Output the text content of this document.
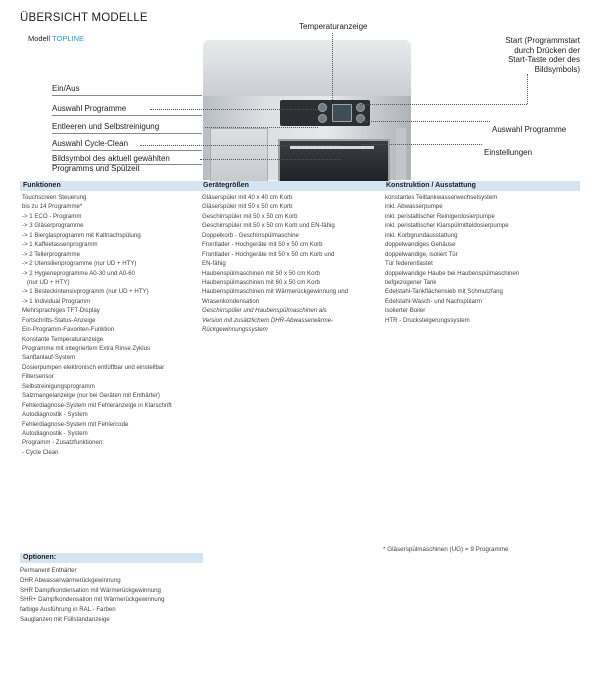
ÜBERSICHT MODELLE
Modell TOPLINE
Temperaturanzeige
Start (Programmstart
durch Drücken der
Start-Taste oder des
Bildsymbols)
Ein/Aus
Auswahl Programme
Entleeren und Selbstreinigung
Auswahl Cycle-Clean
Bildsymbol des aktuell gewählten
Programms und Spülzeit
Auswahl Programme
Einstellungen
Funktionen	Gerätegrößen	Konstruktion / Ausstattung
Touchscreen Steuerung
bis zu 14 Programme*
-> 1 ECO - Programm
-> 3 Gläserprogramme
-> 1 Bierglasprogramm mit Kaltnachspülung
-> 1 Kaffeetassenprogramm
-> 2 Tellerprogramme
-> 2 Utensilienprogramme (nur UD + HTY)
-> 2 Hygieneprogramme A0-30 und A0-60
(nur UD + HTY)
-> 1 Besteckintensivprogramm (nur UD + HTY)
-> 1 Individual Programm
Mehrsprachiges TFT-Display
Fortschritts-Status-Anzeige
Ein-Programm-Favoriten-Funktion
Konstante Temperaturanzeige
Programme mit integriertem Extra Rinse Zyklus
Sanftanlauf-System
Dosierpumpen elektronisch entlüftbar und einstellbar
Filtersensor
Selbstreinigungsprogramm
Salzmangelanzeige (nur bei Geräten mit Enthärter)
Fehlerdiagnose-System mit Fehleranzeige in Klarschrift
Autodiagnostik - System
Fehlerdiagnose-System mit Fehlercode
Autodiagnostik - System
Programm - Zusatzfunktionen:
- Cycle Clean
Gläserspüler mit 40 x 40 cm Korb
Gläserspüler mit 50 x 50 cm Korb
Geschirrspüler mit 50 x 50 cm Korb
Geschirrspüler mit 50 x 50 cm Korb und EN-fähig
Doppelkorb - Geschirrspülmaschine
Frontlader - Hochgeräte mit 50 x 50 cm Korb
Frontlader - Hochgeräte mit 50 x 50 cm Korb und
EN-fähig
Haubenspülmaschinen mit 50 x 50 cm Korb
Haubenspülmaschinen mit 60 x 50 cm Korb
Haubenspülmaschinen mit Wärmerückgewinnung und
Wrasenkondensation
Geschirrspüler und Haubenspülmaschinen als
Version mit zusätzlichem DHR-Abwasserwärme-
Rückgewinnungssystem
konstantes Teiltankwasserwechselsystem
inkl. Abwasserpumpe
inkl. peristaltischer Reinigerdosierpumpe
inkl. peristaltischer Klarspülmitteldosierpumpe
inkl. Korbgrundausstattung
doppelwandiges Gehäuse
doppelwandige, isoliert Tür
Tür federentlastet
doppelwandige Haube bei Haubenspülmaschinen
tiefgezogener Tank
Edelstahl-Tankflächensieb mit Schmutzfang
Edelstahl-Wasch- und Nachspülarm
isolierter Boiler
HTR - Drucksteigerungssystem
* Gläserspülmaschinen (UG) = 9 Programme
Optionen:
Permanent Enthärter
DHR Abwasserwärmerückgewinnung
SHR Dampfkondensation mit Wärmerückgewinnung
SHR+ Dampfkondensation mit Wärmerückgewinnung
farbige Ausführung in RAL - Farben
Sauglanzen mit Füllstandanzeige
